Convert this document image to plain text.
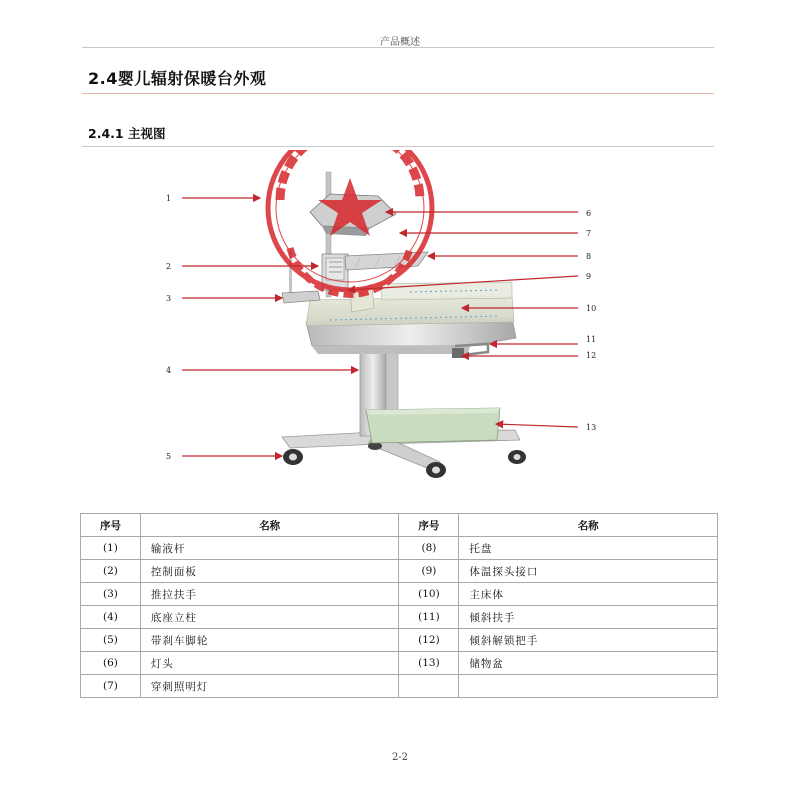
产品概述
2.4婴儿辐射保暖台外观
2.4.1 主视图
1
2
3
4
5
6
7
8
9
10
11
12
13
序号	名称	序号	名称
(1)	输液杆	(8)	托盘
(2)	控制面板	(9)	体温探头接口
(3)	推拉扶手	(10)	主床体
(4)	底座立柱	(11)	倾斜扶手
(5)	带刹车脚轮	(12)	倾斜解锁把手
(6)	灯头	(13)	储物盆
(7)	穿刺照明灯		
2-2
